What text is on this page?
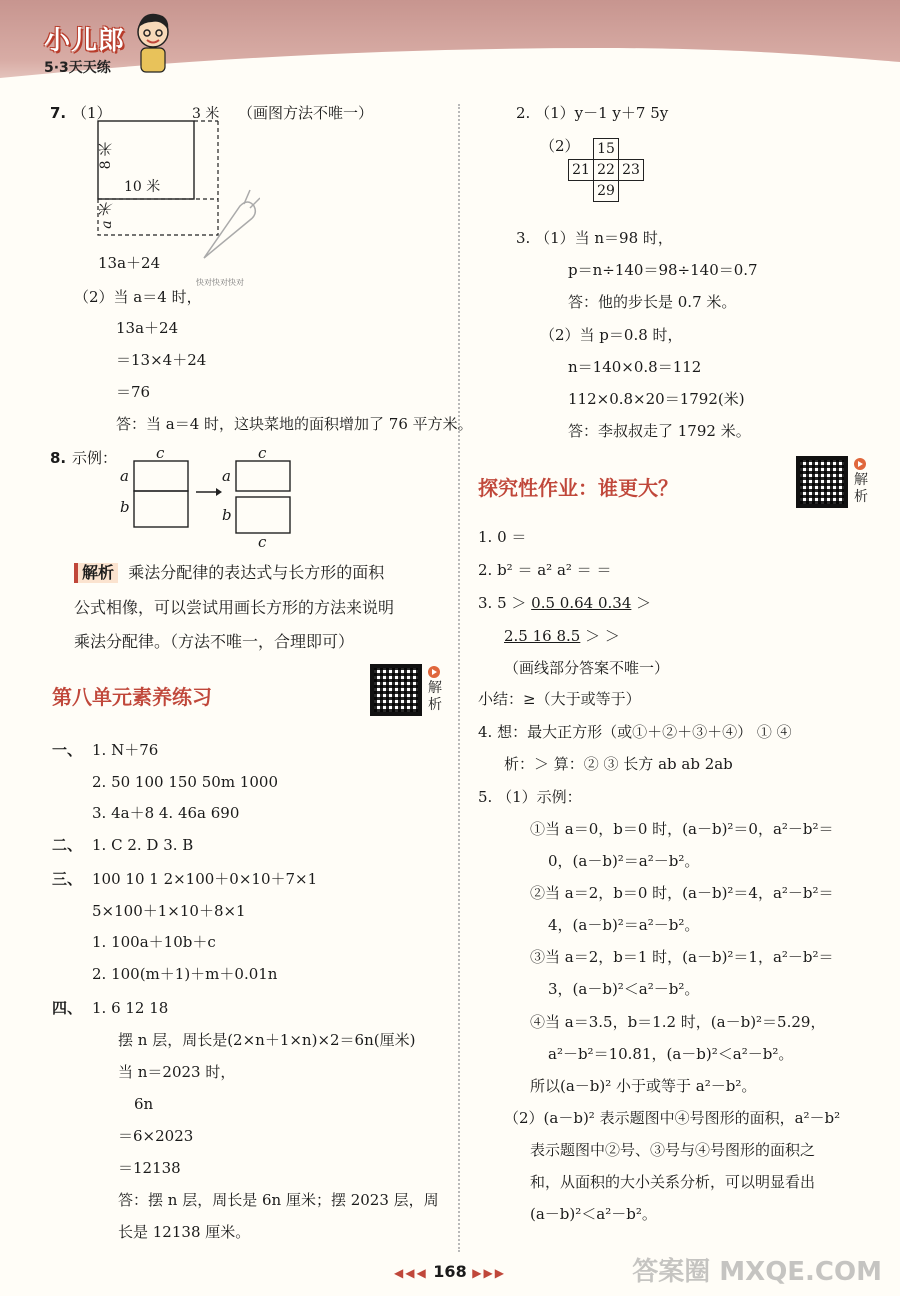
小儿郎
5·3天天练
7. （1）	（画图方法不唯一）
3 米
8 米
10 米
a 米
快对快对快对
13a＋24
（2）当 a＝4 时，
13a＋24
＝13×4＋24
＝76
答：当 a＝4 时，这块菜地的面积增加了 76 平方米。
8. 示例：	c
a
b
c
a
b
c
解析 乘法分配律的表达式与长方形的面积
公式相像，可以尝试用画长方形的方法来说明
乘法分配律。（方法不唯一，合理即可）
第八单元素养练习	解
析
一、 1. N＋76
2. 50 100 150 50m 1000
3. 4a＋8 4. 46a 690
二、 1. C 2. D 3. B
三、 100 10 1 2×100＋0×10＋7×1
5×100＋1×10＋8×1
1. 100a＋10b＋c
2. 100(m＋1)＋m＋0.01n
四、 1. 6 12 18
摆 n 层，周长是(2×n＋1×n)×2＝6n(厘米)
当 n＝2023 时，
6n
＝6×2023
＝12138
答：摆 n 层，周长是 6n 厘米；摆 2023 层，周
长是 12138 厘米。
2. （1）y－1 y＋7 5y
（2）
	15	
21	22	23
	29	
3. （1）当 n＝98 时，
p＝n÷140＝98÷140＝0.7
答：他的步长是 0.7 米。
（2）当 p＝0.8 时，
n＝140×0.8＝112
112×0.8×20＝1792(米)
答：李叔叔走了 1792 米。
探究性作业：谁更大？	解
析
1. 0 ＝
2. b² ＝ a² a² ＝ ＝
3. 5 ＞ 0.5 0.64 0.34 ＞
2.5 16 8.5 ＞ ＞
（画线部分答案不唯一）
小结：≥（大于或等于）
4. 想：最大正方形（或①＋②＋③＋④） ① ④
析：＞ 算：② ③ 长方 ab ab 2ab
5. （1）示例：
①当 a＝0，b＝0 时，(a－b)²＝0，a²－b²＝
0，(a－b)²＝a²－b²。
②当 a＝2，b＝0 时，(a－b)²＝4，a²－b²＝
4，(a－b)²＝a²－b²。
③当 a＝2，b＝1 时，(a－b)²＝1，a²－b²＝
3，(a－b)²＜a²－b²。
④当 a＝3.5，b＝1.2 时，(a－b)²＝5.29，
a²－b²＝10.81，(a－b)²＜a²－b²。
所以(a－b)² 小于或等于 a²－b²。
（2）(a－b)² 表示题图中④号图形的面积，a²－b²
表示题图中②号、③号与④号图形的面积之
和，从面积的大小关系分析，可以明显看出
(a－b)²＜a²－b²。
◀◀◀ 168 ▶▶▶	答案圈 MXQE.COM
